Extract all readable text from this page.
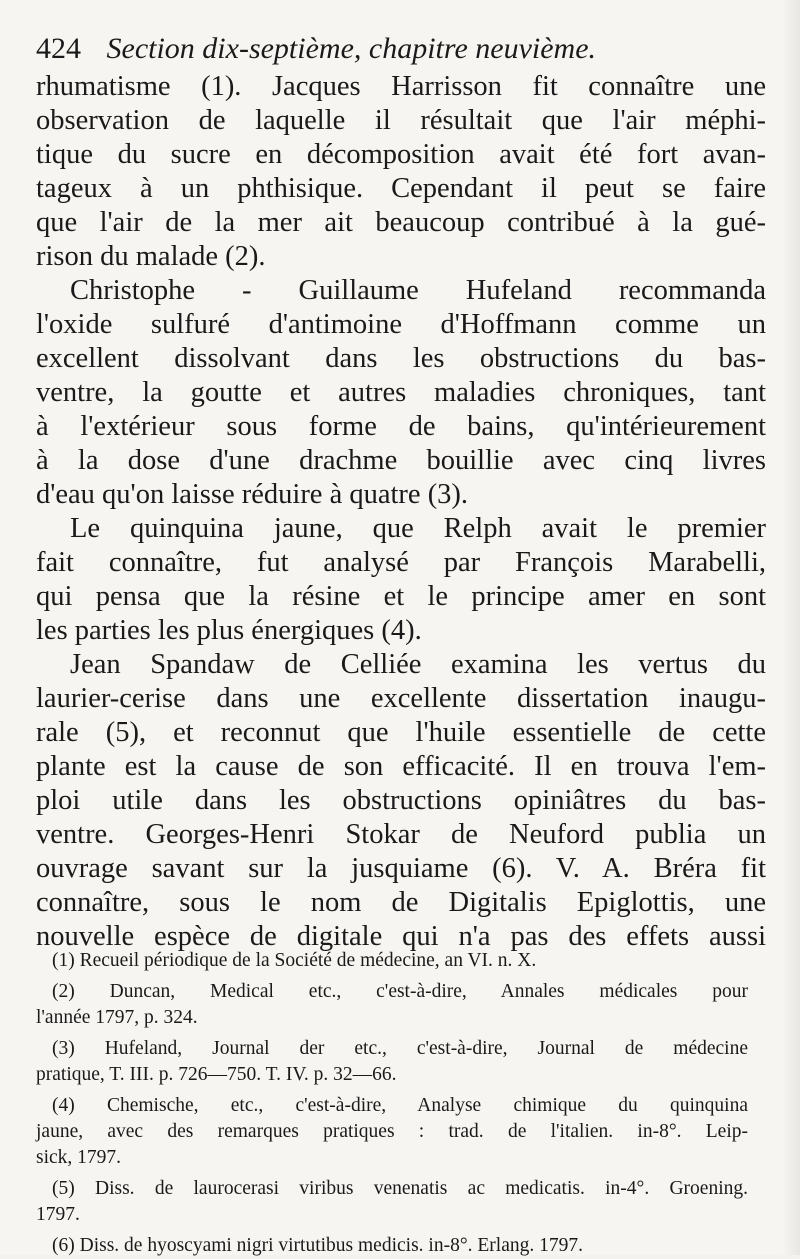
424 Section dix-septième, chapitre neuvième.
rhumatisme (1). Jacques Harrisson fit connaître une
observation de laquelle il résultait que l'air méphi-
tique du sucre en décomposition avait été fort avan-
tageux à un phthisique. Cependant il peut se faire
que l'air de la mer ait beaucoup contribué à la gué-
rison du malade (2).
Christophe - Guillaume Hufeland recommanda
l'oxide sulfuré d'antimoine d'Hoffmann comme un
excellent dissolvant dans les obstructions du bas-
ventre, la goutte et autres maladies chroniques, tant
à l'extérieur sous forme de bains, qu'intérieurement
à la dose d'une drachme bouillie avec cinq livres
d'eau qu'on laisse réduire à quatre (3).
Le quinquina jaune, que Relph avait le premier
fait connaître, fut analysé par François Marabelli,
qui pensa que la résine et le principe amer en sont
les parties les plus énergiques (4).
Jean Spandaw de Celliée examina les vertus du
laurier-cerise dans une excellente dissertation inaugu-
rale (5), et reconnut que l'huile essentielle de cette
plante est la cause de son efficacité. Il en trouva l'em-
ploi utile dans les obstructions opiniâtres du bas-
ventre. Georges-Henri Stokar de Neuford publia un
ouvrage savant sur la jusquiame (6). V. A. Bréra fit
connaître, sous le nom de Digitalis Epiglottis, une
nouvelle espèce de digitale qui n'a pas des effets aussi
(1) Recueil périodique de la Société de médecine, an VI. n. X.
(2) Duncan, Medical etc., c'est-à-dire, Annales médicales pour
l'année 1797, p. 324.
(3) Hufeland, Journal der etc., c'est-à-dire, Journal de médecine
pratique, T. III. p. 726—750. T. IV. p. 32—66.
(4) Chemische, etc., c'est-à-dire, Analyse chimique du quinquina
jaune, avec des remarques pratiques : trad. de l'italien. in-8°. Leip-
sick, 1797.
(5) Diss. de laurocerasi viribus venenatis ac medicatis. in-4°. Groening.
1797.
(6) Diss. de hyoscyami nigri virtutibus medicis. in-8°. Erlang. 1797.
